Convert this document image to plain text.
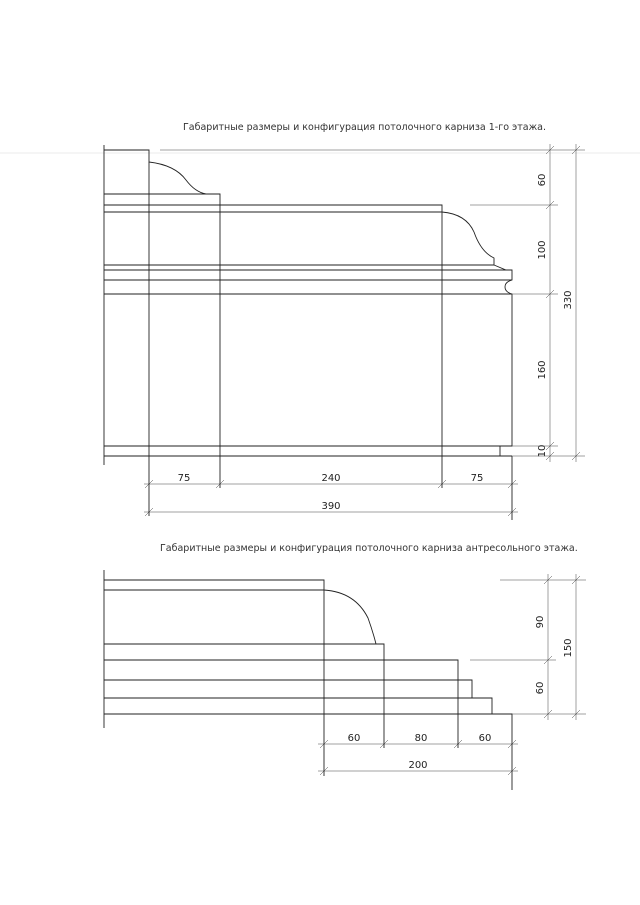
Габаритные размеры и конфигурация потолочного карниза 1-го этажа.
60
100
160
10
330
75	240	75
390
Габаритные размеры и конфигурация потолочного карниза антресольного этажа.
90
60
150
60	80	60
200
